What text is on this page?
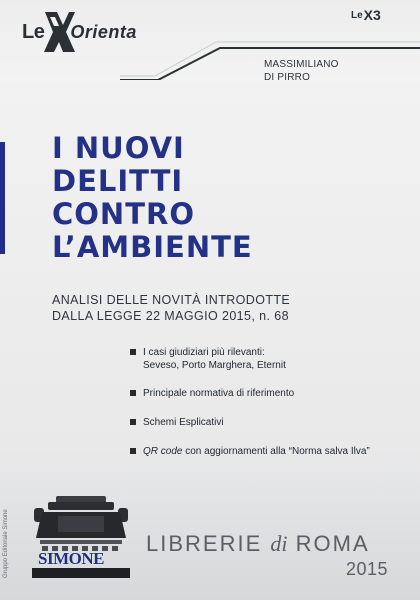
Le Orienta
Le X3
MASSIMILIANO
DI PIRRO
I NUOVI
DELITTI
CONTRO
L’AMBIENTE
ANALISI DELLE NOVITÀ INTRODOTTE
DALLA LEGGE 22 MAGGIO 2015, n. 68
I casi giudiziari più rilevanti:
Seveso, Porto Marghera, Eternit
Principale normativa di riferimento
Schemi Esplicativi
QR code con aggiornamenti alla “Norma salva Ilva”
Gruppo Editoriale Simone SIMONE
LIBRERIE di ROMA
2015
